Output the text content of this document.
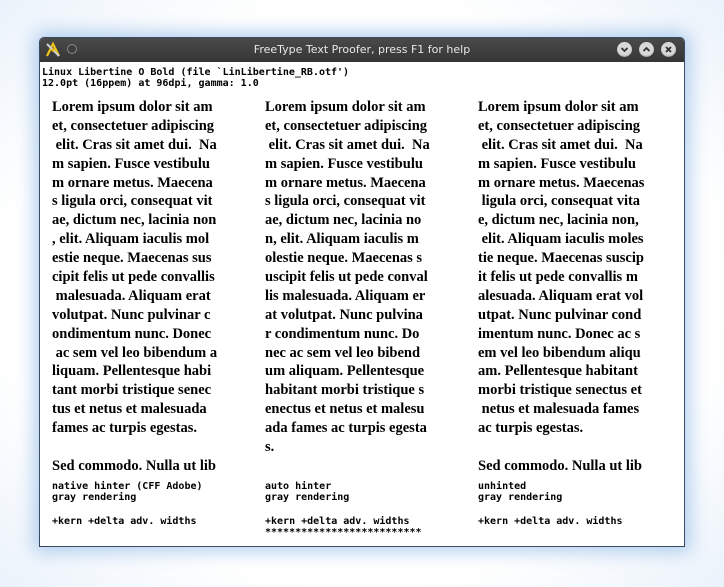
FreeType Text Proofer, press F1 for help
Linux Libertine O Bold (file `LinLibertine_RB.otf')
12.0pt (16ppem) at 96dpi, gamma: 1.0
Lorem ipsum dolor sit am
et, consectetuer adipiscing
elit. Cras sit amet dui.  Na
m sapien. Fusce vestibulu
m ornare metus. Maecena
s ligula orci, consequat vit
ae, dictum nec, lacinia non
, elit. Aliquam iaculis mol
estie neque. Maecenas sus
cipit felis ut pede convallis
malesuada. Aliquam erat
volutpat. Nunc pulvinar c
ondimentum nunc. Donec
ac sem vel leo bibendum a
liquam. Pellentesque habi
tant morbi tristique senec
tus et netus et malesuada
fames ac turpis egestas.
Sed commodo. Nulla ut lib
native hinter (CFF Adobe)
gray rendering
+kern +delta adv. widths
Lorem ipsum dolor sit am
et, consectetuer adipiscing
elit. Cras sit amet dui.  Na
m sapien. Fusce vestibulu
m ornare metus. Maecena
s ligula orci, consequat vit
ae, dictum nec, lacinia no
n, elit. Aliquam iaculis m
olestie neque. Maecenas s
uscipit felis ut pede conval
lis malesuada. Aliquam er
at volutpat. Nunc pulvina
r condimentum nunc. Do
nec ac sem vel leo bibend
um aliquam. Pellentesque
habitant morbi tristique s
enectus et netus et malesu
ada fames ac turpis egesta
s.
auto hinter
gray rendering
+kern +delta adv. widths
**************************
Lorem ipsum dolor sit am
et, consectetuer adipiscing
elit. Cras sit amet dui.  Na
m sapien. Fusce vestibulu
m ornare metus. Maecenas
ligula orci, consequat vita
e, dictum nec, lacinia non,
elit. Aliquam iaculis moles
tie neque. Maecenas suscip
it felis ut pede convallis m
alesuada. Aliquam erat vol
utpat. Nunc pulvinar cond
imentum nunc. Donec ac s
em vel leo bibendum aliqu
am. Pellentesque habitant
morbi tristique senectus et
netus et malesuada fames
ac turpis egestas.
Sed commodo. Nulla ut lib
unhinted
gray rendering
+kern +delta adv. widths
